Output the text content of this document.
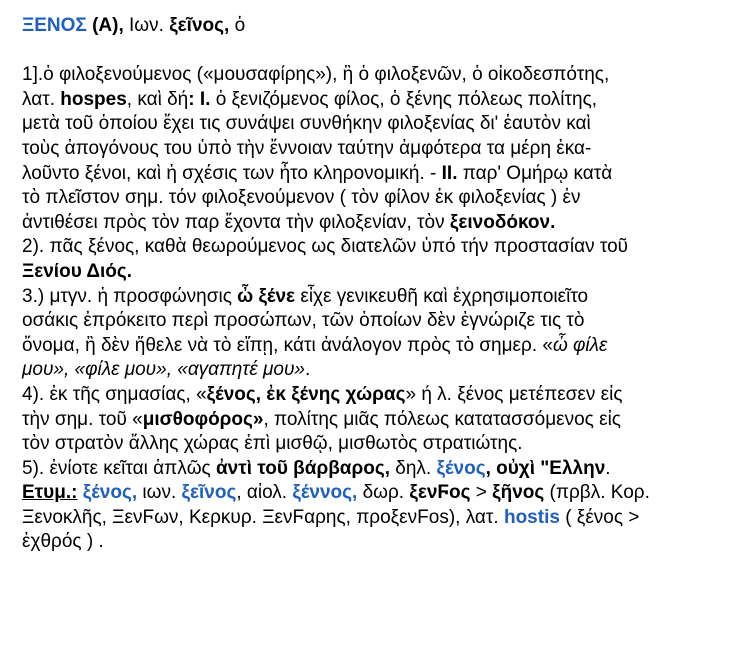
ΞΕΝΟΣ (Α), Ιων. ξεῖνος, ὁ
1].ὁ φιλοξενούμενος («μουσαφίρης»), ἢ ὁ φιλοξενῶν, ὁ οἰκοδεσπότης,
λατ. hospes, καὶ δή: Ι. ὁ ξενιζόμενος φίλος, ὁ ξένης πόλεως πολίτης,
μετὰ τοῦ ὁποίου ἔχει τις συνάψει συνθήκην φιλοξενίας δι' ἑαυτὸν καὶ
τοὺς ἀπογόνους του ὑπὸ τὴν ἔννοιαν ταύτην ἀμφότερα τα μέρη ἐκα-
λοῦντο ξένοι, καὶ ἡ σχέσις των ἦτο κληρονομική. - ΙΙ. παρ' Ομήρῳ κατὰ
τὸ πλεῖστον σημ. τόν φιλοξενούμενον ( τὸν φίλον ἐκ φιλοξενίας ) ἐν
ἀντιθέσει πρὸς τὸν παρ ἔχοντα τὴν φιλοξενίαν, τὸν ξεινοδόκον.
2). πᾶς ξένος, καθὰ θεωρούμενος ως διατελῶν ὑπό τήν προστασίαν τοῦ
Ξενίου Διός.
3.) μτγν. ἡ προσφώνησις ὦ ξένε εἶχε γενικευθῆ καὶ ἐχρησιμοποιεῖτο
οσάκις ἐπρόκειτο περὶ προσώπων, τῶν ὁποίων δὲν ἐγνώριζε τις τὸ
ὄνομα, ἢ δὲν ἤθελε νὰ τὸ εἴπῃ, κάτι ἀνάλογον πρὸς τὸ σημερ. «ὦ φίλε
μου», «φίλε μου», «αγαπητέ μου».
4). ἐκ τῆς σημασίας, «ξένος, ἐκ ξένης χώρας» ή λ. ξένος μετέπεσεν εἰς
τὴν σημ. τοῦ «μισθοφόρος», πολίτης μιᾶς πόλεως κατατασσόμενος εἰς
τὸν στρατὸν ἄλλης χώρας ἐπὶ μισθῷ, μισθωτὸς στρατιώτης.
5). ἐνίοτε κεῖται ἁπλῶς ἀντὶ τοῦ βάρβαρος, δηλ. ξένος, οὐχὶ "Ελλην.
Ετυμ.: ξένος, ιων. ξεῖνος, αἰολ. ξέννος, δωρ. ξενϜος > ξῆνος (πρβλ. Κορ.
Ξενοκλῆς, ΞενϜων, Κερκυρ. ΞενϜαρης, προξενFos), λατ. hostis ( ξένος >
ἐχθρός ) .
